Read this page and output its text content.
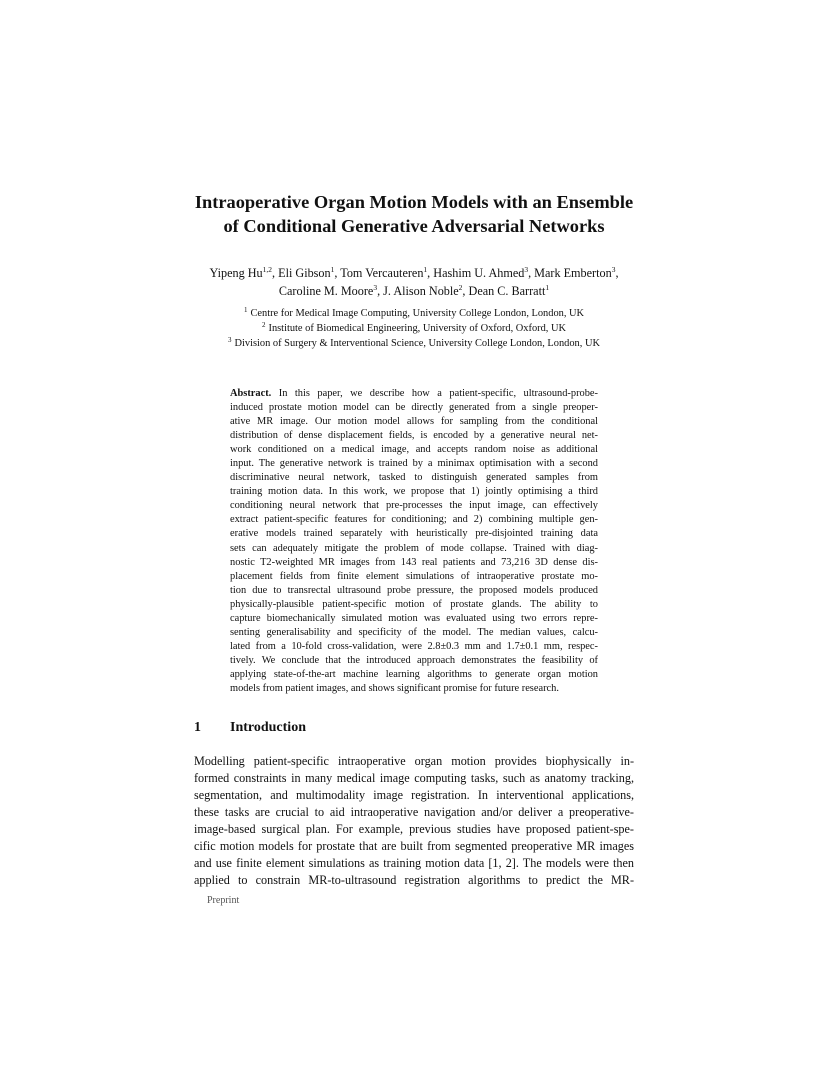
Intraoperative Organ Motion Models with an Ensemble
of Conditional Generative Adversarial Networks
Yipeng Hu$^{1,2}$, Eli Gibson$^1$, Tom Vercauteren$^1$, Hashim U. Ahmed$^3$, Mark Emberton$^3$,
Caroline M. Moore$^3$, J. Alison Noble$^2$, Dean C. Barratt$^1$
$^1$ Centre for Medical Image Computing, University College London, London, UK
$^2$ Institute of Biomedical Engineering, University of Oxford, Oxford, UK
$^3$ Division of Surgery & Interventional Science, University College London, London, UK
Abstract. In this paper, we describe how a patient-specific, ultrasound-probe-
induced prostate motion model can be directly generated from a single preoper-
ative MR image. Our motion model allows for sampling from the conditional
distribution of dense displacement fields, is encoded by a generative neural net-
work conditioned on a medical image, and accepts random noise as additional
input. The generative network is trained by a minimax optimisation with a second
discriminative neural network, tasked to distinguish generated samples from
training motion data. In this work, we propose that 1) jointly optimising a third
conditioning neural network that pre-processes the input image, can effectively
extract patient-specific features for conditioning; and 2) combining multiple gen-
erative models trained separately with heuristically pre-disjointed training data
sets can adequately mitigate the problem of mode collapse. Trained with diag-
nostic T2-weighted MR images from 143 real patients and 73,216 3D dense dis-
placement fields from finite element simulations of intraoperative prostate mo-
tion due to transrectal ultrasound probe pressure, the proposed models produced
physically-plausible patient-specific motion of prostate glands. The ability to
capture biomechanically simulated motion was evaluated using two errors repre-
senting generalisability and specificity of the model. The median values, calcu-
lated from a 10-fold cross-validation, were 2.8±0.3 mm and 1.7±0.1 mm, respec-
tively. We conclude that the introduced approach demonstrates the feasibility of
applying state-of-the-art machine learning algorithms to generate organ motion
models from patient images, and shows significant promise for future research.
1 Introduction
Modelling patient-specific intraoperative organ motion provides biophysically in-
formed constraints in many medical image computing tasks, such as anatomy tracking,
segmentation, and multimodality image registration. In interventional applications,
these tasks are crucial to aid intraoperative navigation and/or deliver a preoperative-
image-based surgical plan. For example, previous studies have proposed patient-spe-
cific motion models for prostate that are built from segmented preoperative MR images
and use finite element simulations as training motion data [1, 2]. The models were then
applied to constrain MR-to-ultrasound registration algorithms to predict the MR-
Preprint
